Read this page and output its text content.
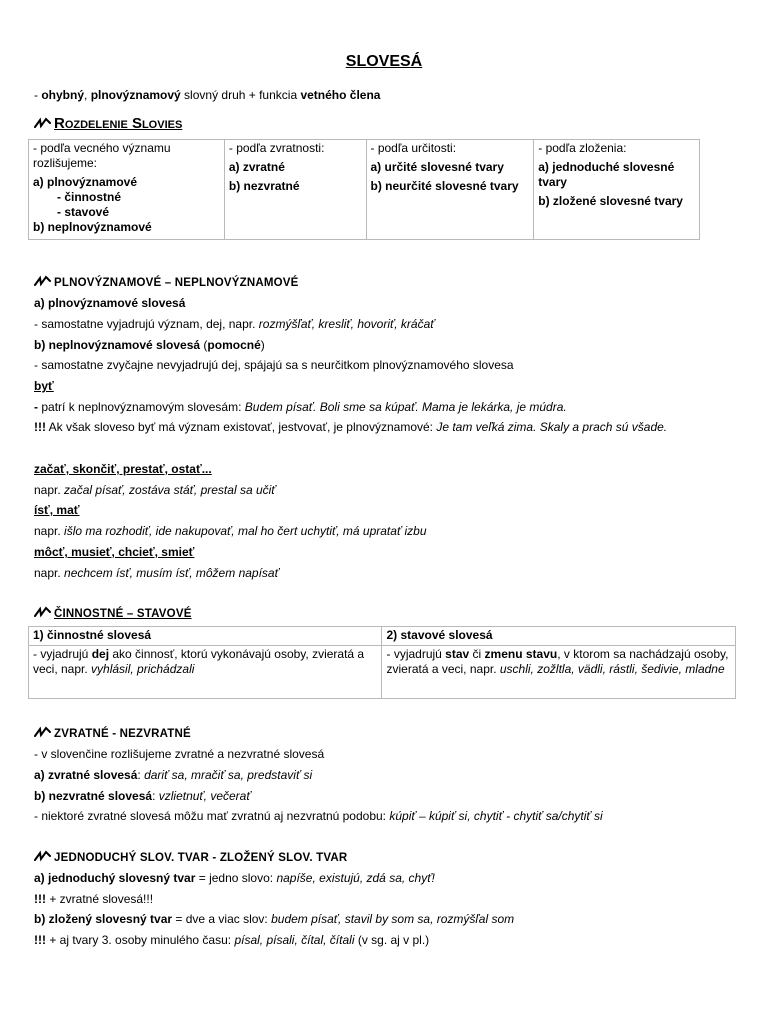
SLOVESÁ
- ohybný, plnovýznamový slovný druh + funkcia vetného člena
Rozdelenie Slovies
- podľa vecného významu rozlišujeme:
a) plnovýznamové
- činnostné
- stavové
b) neplnovýznamové

- podľa zvratnosti:
a) zvratné
b) nezvratné

- podľa určitosti:
a) určité slovesné tvary
b) neurčité slovesné tvary

- podľa zloženia:
a) jednoduché slovesné tvary
b) zložené slovesné tvary
PLNOVÝZNAMOVÉ – NEPLNOVÝZNAMOVÉ
a) plnovýznamové slovesá
- samostatne vyjadrujú význam, dej, napr. rozmýšľať, kresliť, hovoriť, kráčať
b) neplnovýznamové slovesá (pomocné)
- samostatne zvyčajne nevyjadrujú dej, spájajú sa s neurčitkom plnovýznamového slovesa
byť
- patrí k neplnovýznamovým slovesám: Budem písať. Boli sme sa kúpať. Mama je lekárka, je múdra.
!!! Ak však sloveso byť má význam existovať, jestvovať, je plnovýznamové: Je tam veľká zima. Skaly a prach sú všade.
začať, skončiť, prestať, ostať...
napr. začal písať, zostáva stáť, prestal sa učiť
ísť, mať
napr. išlo ma rozhodiť, ide nakupovať, mal ho čert uchytiť, má upratať izbu
môcť, musieť, chcieť, smieť
napr. nechcem ísť, musím ísť, môžem napísať
ČINNOSTNÉ – STAVOVÉ
1) činnostné slovesá	2) stavové slovesá
- vyjadrujú dej ako činnosť, ktorú vykonávajú osoby, zvieratá a veci, napr. vyhlásil, prichádzali	- vyjadrujú stav či zmenu stavu, v ktorom sa nachádzajú osoby, zvieratá a veci, napr. uschli, zožltla, vädli, rástli, šedivie, mladne
ZVRATNÉ - NEZVRATNÉ
- v slovenčine rozlišujeme zvratné a nezvratné slovesá
a) zvratné slovesá: dariť sa, mračiť sa, predstaviť si
b) nezvratné slovesá: vzlietnuť, večerať
- niektoré zvratné slovesá môžu mať zvratnú aj nezvratnú podobu: kúpiť – kúpiť si, chytiť - chytiť sa/chytiť si
JEDNODUCHÝ SLOV. TVAR - ZLOŽENÝ SLOV. TVAR
a) jednoduchý slovesný tvar = jedno slovo: napíše, existujú, zdá sa, chyť!
!!! + zvratné slovesá!!!
b) zložený slovesný tvar = dve a viac slov: budem písať, stavil by som sa, rozmýšľal som
!!! + aj tvary 3. osoby minulého času: písal, písali, čítal, čítali (v sg. aj v pl.)
